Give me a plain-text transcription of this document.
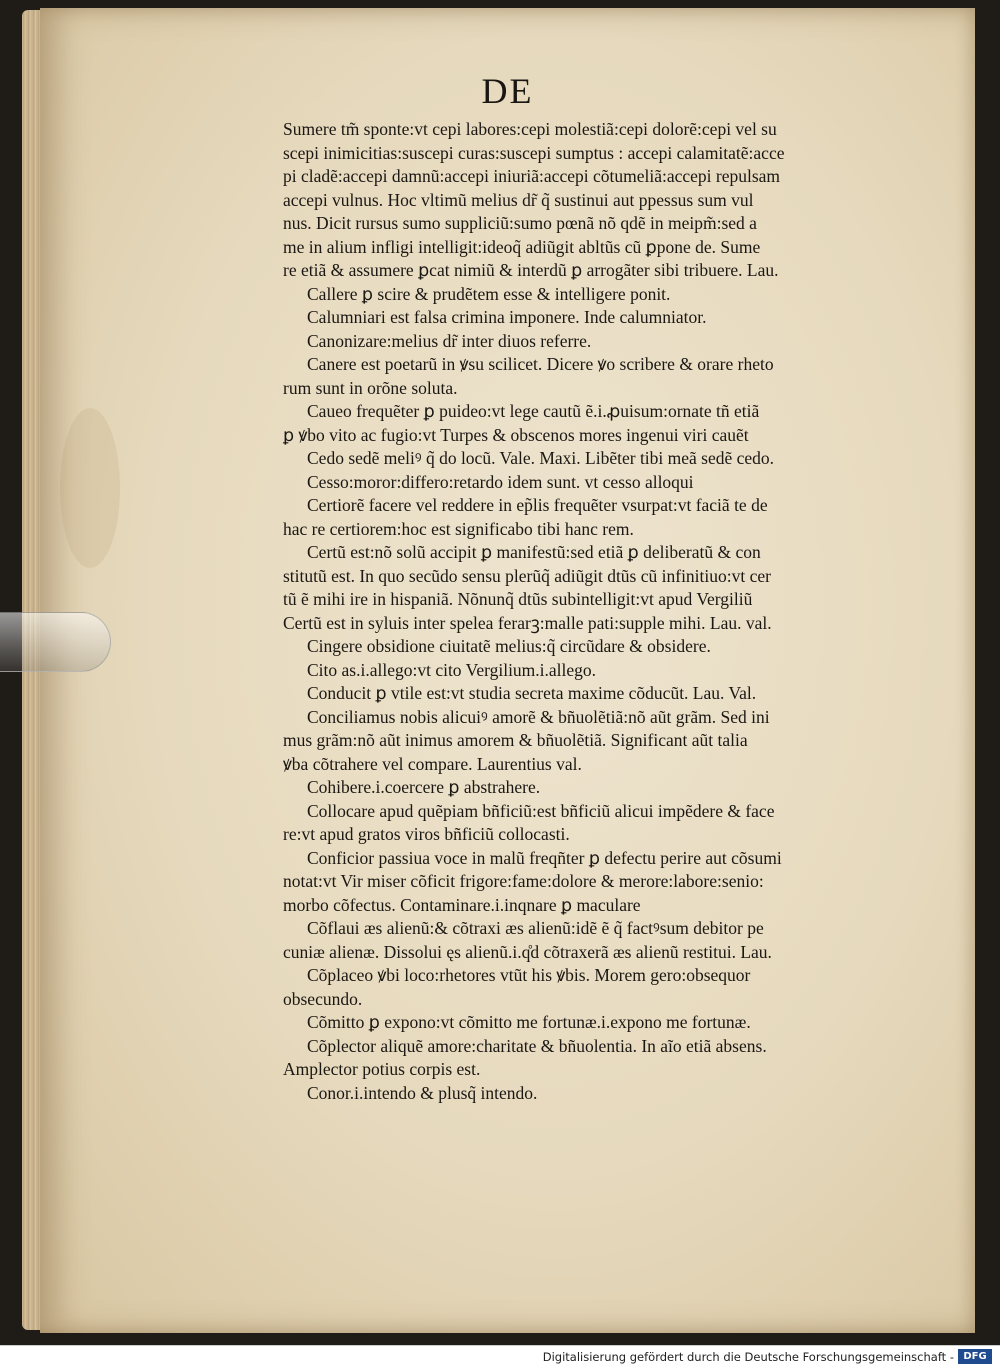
DE
Sumere tm̃ sponte:vt cepi labores:cepi molestiã:cepi dolorẽ:cepi vel su
scepi inimicitias:suscepi curas:suscepi sumptus : accepi calamitatẽ:acce
pi cladẽ:accepi damnũ:accepi iniuriã:accepi cõtumeliã:accepi repulsam
accepi vulnus. Hoc vltimũ melius dr̃ q̃ sustinui aut ppessus sum vul
nus. Dicit rursus sumo suppliciũ:sumo pœnã nõ qdẽ in meipm̃:sed a
me in alium infligi intelligit:ideoq̃ adiũgit abltũs cũ ꝑpone de. Sume
re etiã & assumere ꝑcat nimiũ & interdũ ꝑ arrogãter sibi tribuere. Lau.
Callere ꝑ scire & prudẽtem esse & intelligere ponit.
Calumniari est falsa crimina imponere. Inde calumniator.
Canonizare:melius dr̃ inter diuos referre.
Canere est poetarũ in ꝟsu scilicet. Dicere ꝟo scribere & orare rheto
rum sunt in orõne soluta.
Caueo frequẽter ꝑ puideo:vt lege cautũ ẽ.i.ꝓuisum:ornate tñ etiã
ꝑ ꝟbo vito ac fugio:vt Turpes & obscenos mores ingenui viri cauẽt
Cedo sedẽ meliꝰ q̃ do locũ. Vale. Maxi. Libẽter tibi meã sedẽ cedo.
Cesso:moror:differo:retardo idem sunt. vt cesso alloqui
Certiorẽ facere vel reddere in ep̃lis frequẽter vsurpat:vt faciã te de
hac re certiorem:hoc est significabo tibi hanc rem.
Certũ est:nõ solũ accipit ꝑ manifestũ:sed etiã ꝑ deliberatũ & con
stitutũ est. In quo secũdo sensu plerũq̃ adiũgit dtũs cũ infinitiuo:vt cer
tũ ẽ mihi ire in hispaniã. Nõnunq̃ dtũs subintelligit:vt apud Vergiliũ
Certũ est in syluis inter spelea ferarꝫ:malle pati:supple mihi. Lau. val.
Cingere obsidione ciuitatẽ melius:q̃ circũdare & obsidere.
Cito as.i.allego:vt cito Vergilium.i.allego.
Conducit ꝑ vtile est:vt studia secreta maxime cõducũt. Lau. Val.
Conciliamus nobis alicuiꝰ amorẽ & bñuolẽtiã:nõ aũt grãm. Sed ini
mus grãm:nõ aũt inimus amorem & bñuolẽtiã. Significant aũt talia
ꝟba cõtrahere vel compare. Laurentius val.
Cohibere.i.coercere ꝑ abstrahere.
Collocare apud quẽpiam bñficiũ:est bñficiũ alicui impẽdere & face
re:vt apud gratos viros bñficiũ collocasti.
Conficior passiua voce in malũ freqñter ꝑ defectu perire aut cõsumi
notat:vt Vir miser cõficit frigore:fame:dolore & merore:labore:senio:
morbo cõfectus. Contaminare.i.inqnare ꝑ maculare
Cõflaui æs alienũ:& cõtraxi æs alienũ:idẽ ẽ q̃ factꝰsum debitor pe
cuniæ alienæ. Dissolui ęs alienũ.i.q̊d cõtraxerã æs alienũ restitui. Lau.
Cõplaceo ꝟbi loco:rhetores vtũt his ꝟbis. Morem gero:obsequor
obsecundo.
Cõmitto ꝑ expono:vt cõmitto me fortunæ.i.expono me fortunæ.
Cõplector aliquẽ amore:charitate & bñuolentia. In aĩo etiã absens.
Amplector potius corpis est.
Conor.i.intendo & plusq̃ intendo.
Digitalisierung gefördert durch die Deutsche Forschungsgemeinschaft - DFG
